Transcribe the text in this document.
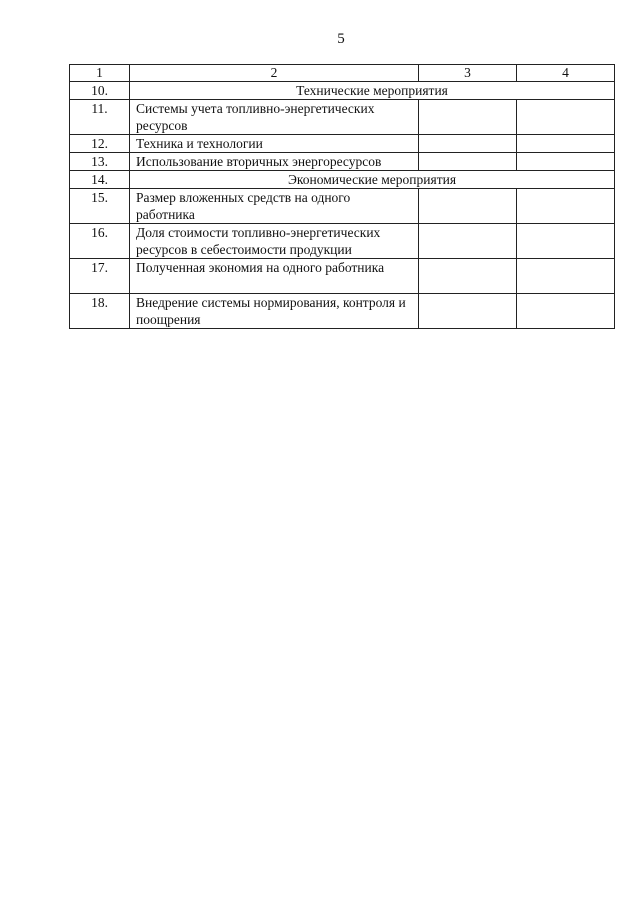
5
1	2	3	4
10.	Технические мероприятия		
11.	Системы учета топливно-энергетических ресурсов		
12.	Техника и технологии		
13.	Использование вторичных энергоресурсов		
14.	Экономические мероприятия		
15.	Размер вложенных средств на одного работника		
16.	Доля стоимости топливно-энергетических ресурсов в себестоимости продукции		
17.	Полученная экономия на одного работника		
18.	Внедрение системы нормирования, контроля и поощрения		
